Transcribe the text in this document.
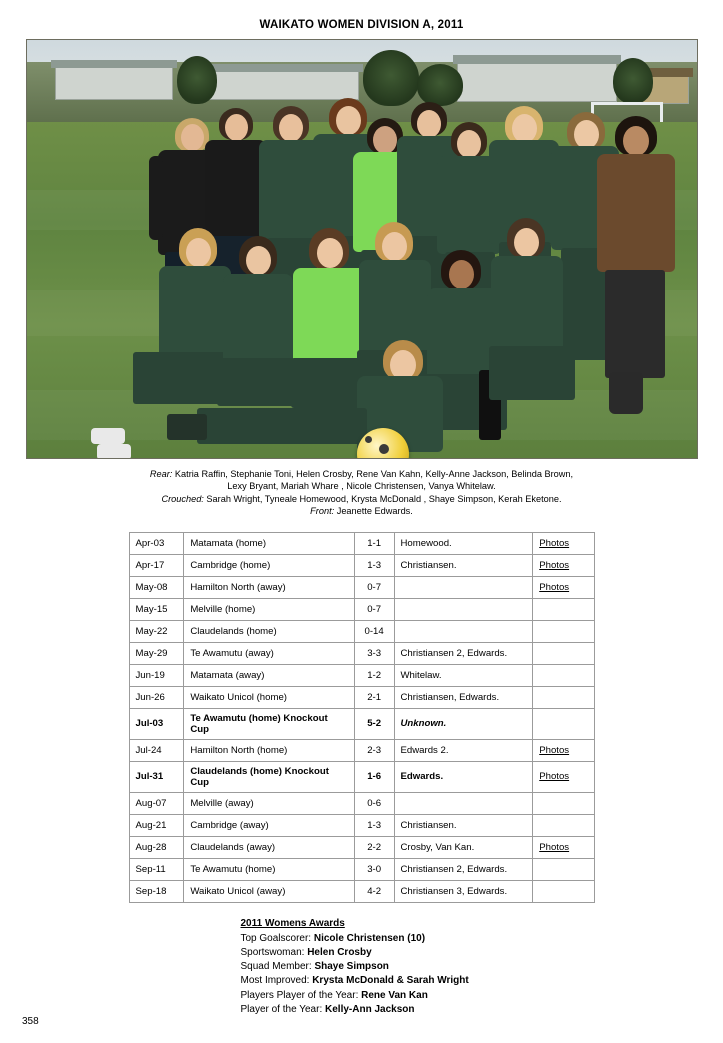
WAIKATO WOMEN DIVISION A, 2011
Rear: Katria Raffin, Stephanie Toni, Helen Crosby, Rene Van Kahn, Kelly-Anne Jackson, Belinda Brown,
Lexy Bryant, Mariah Whare , Nicole Christensen, Vanya Whitelaw.
Crouched: Sarah Wright, Tyneale Homewood, Krysta McDonald , Shaye Simpson, Kerah Eketone.
Front: Jeanette Edwards.
Apr-03	Matamata (home)	1-1	Homewood.	Photos
Apr-17	Cambridge (home)	1-3	Christiansen.	Photos
May-08	Hamilton North (away)	0-7		Photos
May-15	Melville (home)	0-7		
May-22	Claudelands (home)	0-14		
May-29	Te Awamutu (away)	3-3	Christiansen 2, Edwards.	
Jun-19	Matamata (away)	1-2	Whitelaw.	
Jun-26	Waikato Unicol (home)	2-1	Christiansen, Edwards.	
Jul-03	Te Awamutu (home) Knockout Cup	5-2	Unknown.	
Jul-24	Hamilton North (home)	2-3	Edwards 2.	Photos
Jul-31	Claudelands (home) Knockout Cup	1-6	Edwards.	Photos
Aug-07	Melville (away)	0-6		
Aug-21	Cambridge (away)	1-3	Christiansen.	
Aug-28	Claudelands (away)	2-2	Crosby, Van Kan.	Photos
Sep-11	Te Awamutu (home)	3-0	Christiansen 2, Edwards.	
Sep-18	Waikato Unicol (away)	4-2	Christiansen 3, Edwards.	
2011 Womens Awards
Top Goalscorer: Nicole Christensen (10)
Sportswoman: Helen Crosby
Squad Member: Shaye Simpson
Most Improved: Krysta McDonald & Sarah Wright
Players Player of the Year: Rene Van Kan
Player of the Year: Kelly-Ann Jackson
358
